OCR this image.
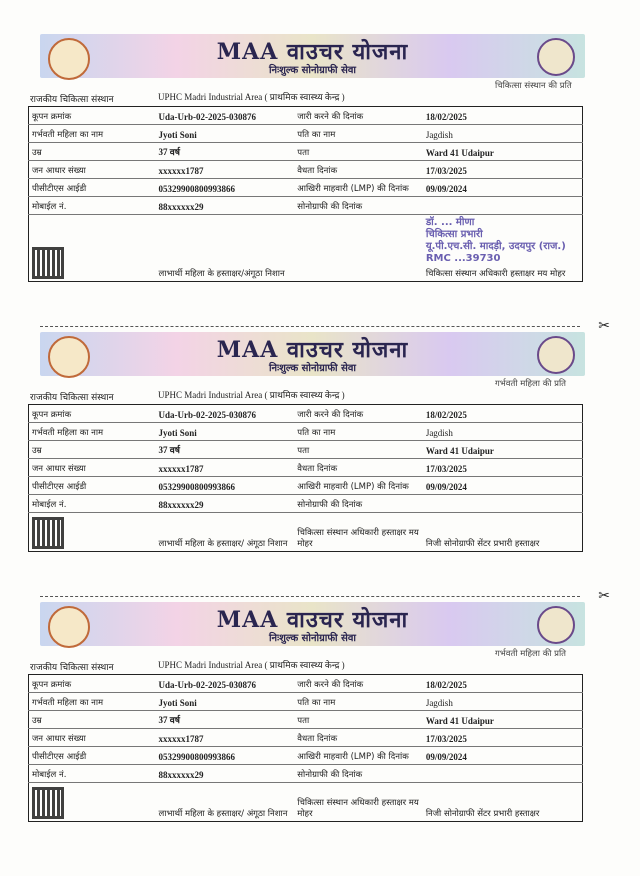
MAA वाउचर योजना
निःशुल्क सोनोग्राफी सेवा
राजकीय चिकित्सा संस्थान	UPHC Madri Industrial Area ( प्राथमिक स्वास्थ्य केन्द्र )
चिकित्सा संस्थान की प्रति
कूपन क्रमांक	Uda-Urb-02-2025-030876	जारी करने की दिनांक	18/02/2025
गर्भवती महिला का नाम	Jyoti Soni	पति का नाम	Jagdish
उम्र	37 वर्ष	पता	Ward 41 Udaipur
जन आधार संख्या	xxxxxx1787	वैधता दिनांक	17/03/2025
पीसीटीएस आईडी	05329900800993866	आखिरी माहवारी (LMP) की दिनांक	09/09/2024
मोबाईल नं.	88xxxxxx29	सोनोग्राफी की दिनांक	

	लाभार्थी महिला के हस्ताक्षर/अंगूठा निशान		डॉ. ... मीणा
चिकित्सा प्रभारी
यू.पी.एच.सी. मादड़ी, उदयपुर (राज.)
RMC ...39730
चिकित्सा संस्थान अधिकारी हस्ताक्षर मय मोहर
MAA वाउचर योजना
निःशुल्क सोनोग्राफी सेवा
राजकीय चिकित्सा संस्थान	UPHC Madri Industrial Area ( प्राथमिक स्वास्थ्य केन्द्र )
गर्भवती महिला की प्रति
कूपन क्रमांक	Uda-Urb-02-2025-030876	जारी करने की दिनांक	18/02/2025
गर्भवती महिला का नाम	Jyoti Soni	पति का नाम	Jagdish
उम्र	37 वर्ष	पता	Ward 41 Udaipur
जन आधार संख्या	xxxxxx1787	वैधता दिनांक	17/03/2025
पीसीटीएस आईडी	05329900800993866	आखिरी माहवारी (LMP) की दिनांक	09/09/2024
मोबाईल नं.	88xxxxxx29	सोनोग्राफी की दिनांक	

	लाभार्थी महिला के हस्ताक्षर/ अंगूठा निशान	चिकित्सा संस्थान अधिकारी हस्ताक्षर मय मोहर	निजी सोनोग्राफी सेंटर प्रभारी हस्ताक्षर
MAA वाउचर योजना
निःशुल्क सोनोग्राफी सेवा
राजकीय चिकित्सा संस्थान	UPHC Madri Industrial Area ( प्राथमिक स्वास्थ्य केन्द्र )
गर्भवती महिला की प्रति
कूपन क्रमांक	Uda-Urb-02-2025-030876	जारी करने की दिनांक	18/02/2025
गर्भवती महिला का नाम	Jyoti Soni	पति का नाम	Jagdish
उम्र	37 वर्ष	पता	Ward 41 Udaipur
जन आधार संख्या	xxxxxx1787	वैधता दिनांक	17/03/2025
पीसीटीएस आईडी	05329900800993866	आखिरी माहवारी (LMP) की दिनांक	09/09/2024
मोबाईल नं.	88xxxxxx29	सोनोग्राफी की दिनांक	

	लाभार्थी महिला के हस्ताक्षर/ अंगूठा निशान	चिकित्सा संस्थान अधिकारी हस्ताक्षर मय मोहर	निजी सोनोग्राफी सेंटर प्रभारी हस्ताक्षर
✂
✂
